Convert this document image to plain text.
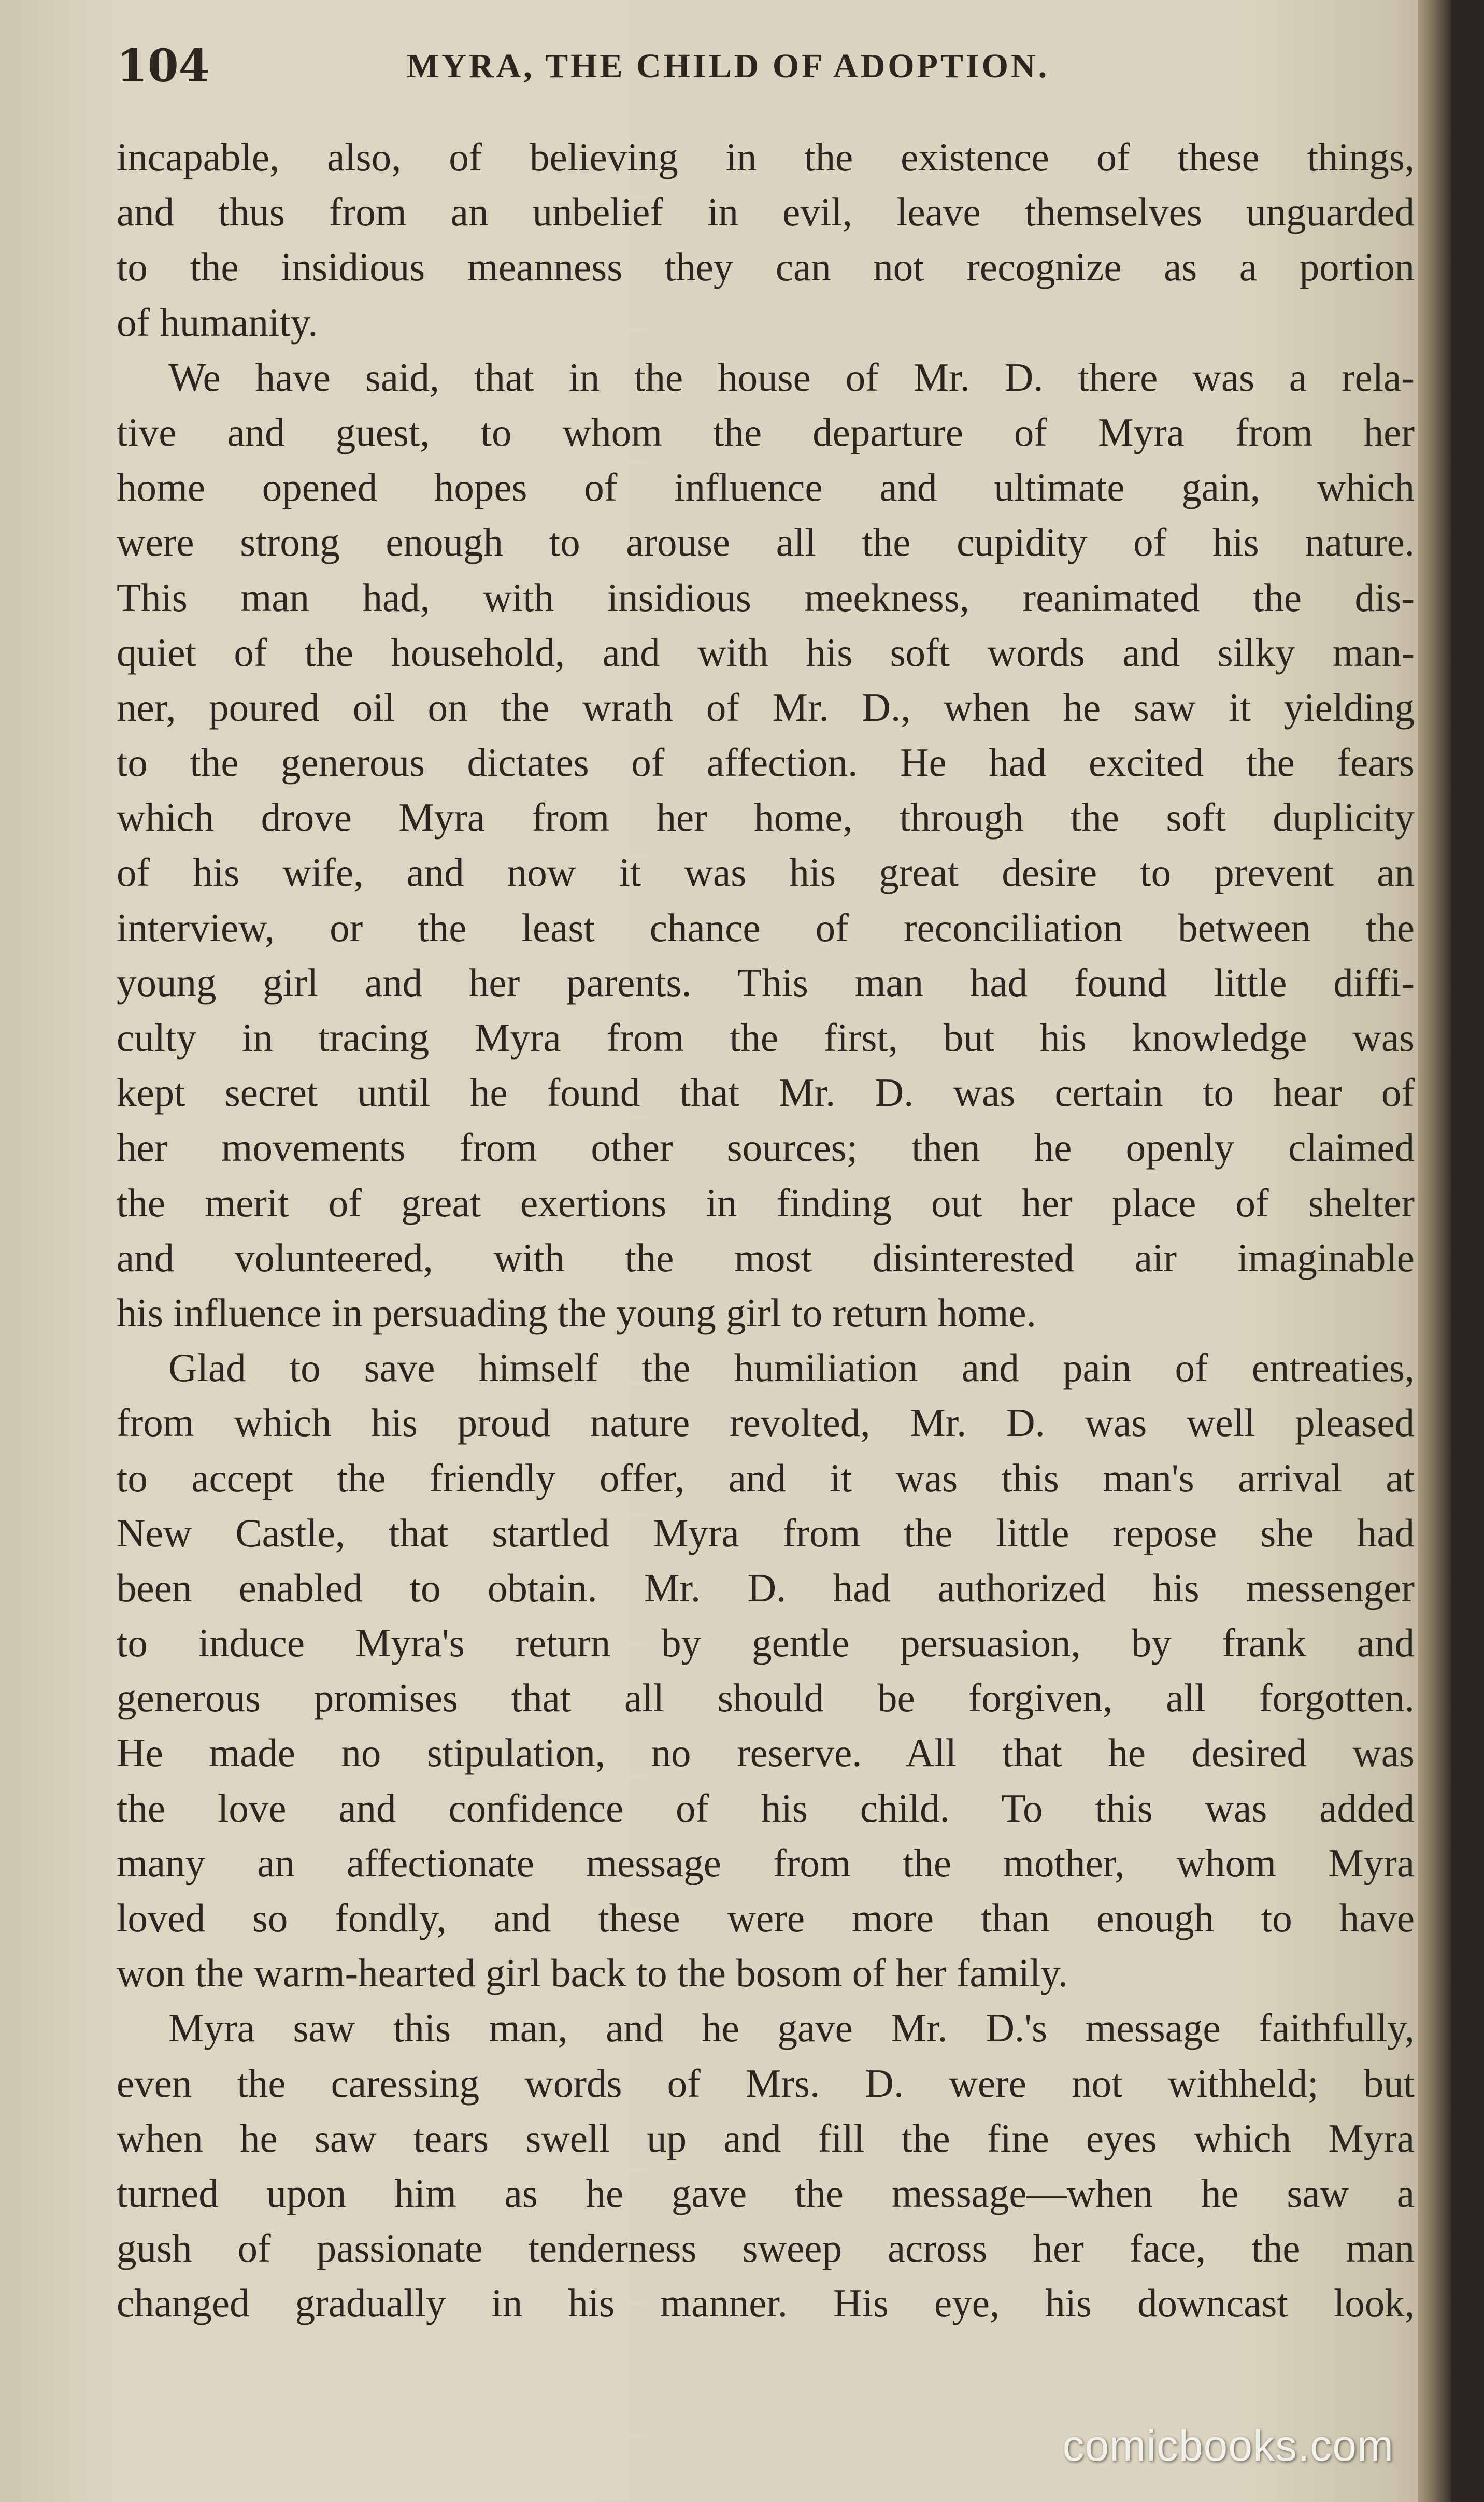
104	MYRA, THE CHILD OF ADOPTION.
incapable, also, of believing in the existence of these things,
and thus from an unbelief in evil, leave themselves unguarded
to the insidious meanness they can not recognize as a portion
of humanity.
We have said, that in the house of Mr. D. there was a rela-
tive and guest, to whom the departure of Myra from her
home opened hopes of influence and ultimate gain, which
were strong enough to arouse all the cupidity of his nature.
This man had, with insidious meekness, reanimated the dis-
quiet of the household, and with his soft words and silky man-
ner, poured oil on the wrath of Mr. D., when he saw it yielding
to the generous dictates of affection. He had excited the fears
which drove Myra from her home, through the soft duplicity
of his wife, and now it was his great desire to prevent an
interview, or the least chance of reconciliation between the
young girl and her parents. This man had found little diffi-
culty in tracing Myra from the first, but his knowledge was
kept secret until he found that Mr. D. was certain to hear of
her movements from other sources; then he openly claimed
the merit of great exertions in finding out her place of shelter
and volunteered, with the most disinterested air imaginable
his influence in persuading the young girl to return home.
Glad to save himself the humiliation and pain of entreaties,
from which his proud nature revolted, Mr. D. was well pleased
to accept the friendly offer, and it was this man's arrival at
New Castle, that startled Myra from the little repose she had
been enabled to obtain. Mr. D. had authorized his messenger
to induce Myra's return by gentle persuasion, by frank and
generous promises that all should be forgiven, all forgotten.
He made no stipulation, no reserve. All that he desired was
the love and confidence of his child. To this was added
many an affectionate message from the mother, whom Myra
loved so fondly, and these were more than enough to have
won the warm-hearted girl back to the bosom of her family.
Myra saw this man, and he gave Mr. D.'s message faithfully,
even the caressing words of Mrs. D. were not withheld; but
when he saw tears swell up and fill the fine eyes which Myra
turned upon him as he gave the message—when he saw a
gush of passionate tenderness sweep across her face, the man
changed gradually in his manner. His eye, his downcast look,
comicbooks.com
